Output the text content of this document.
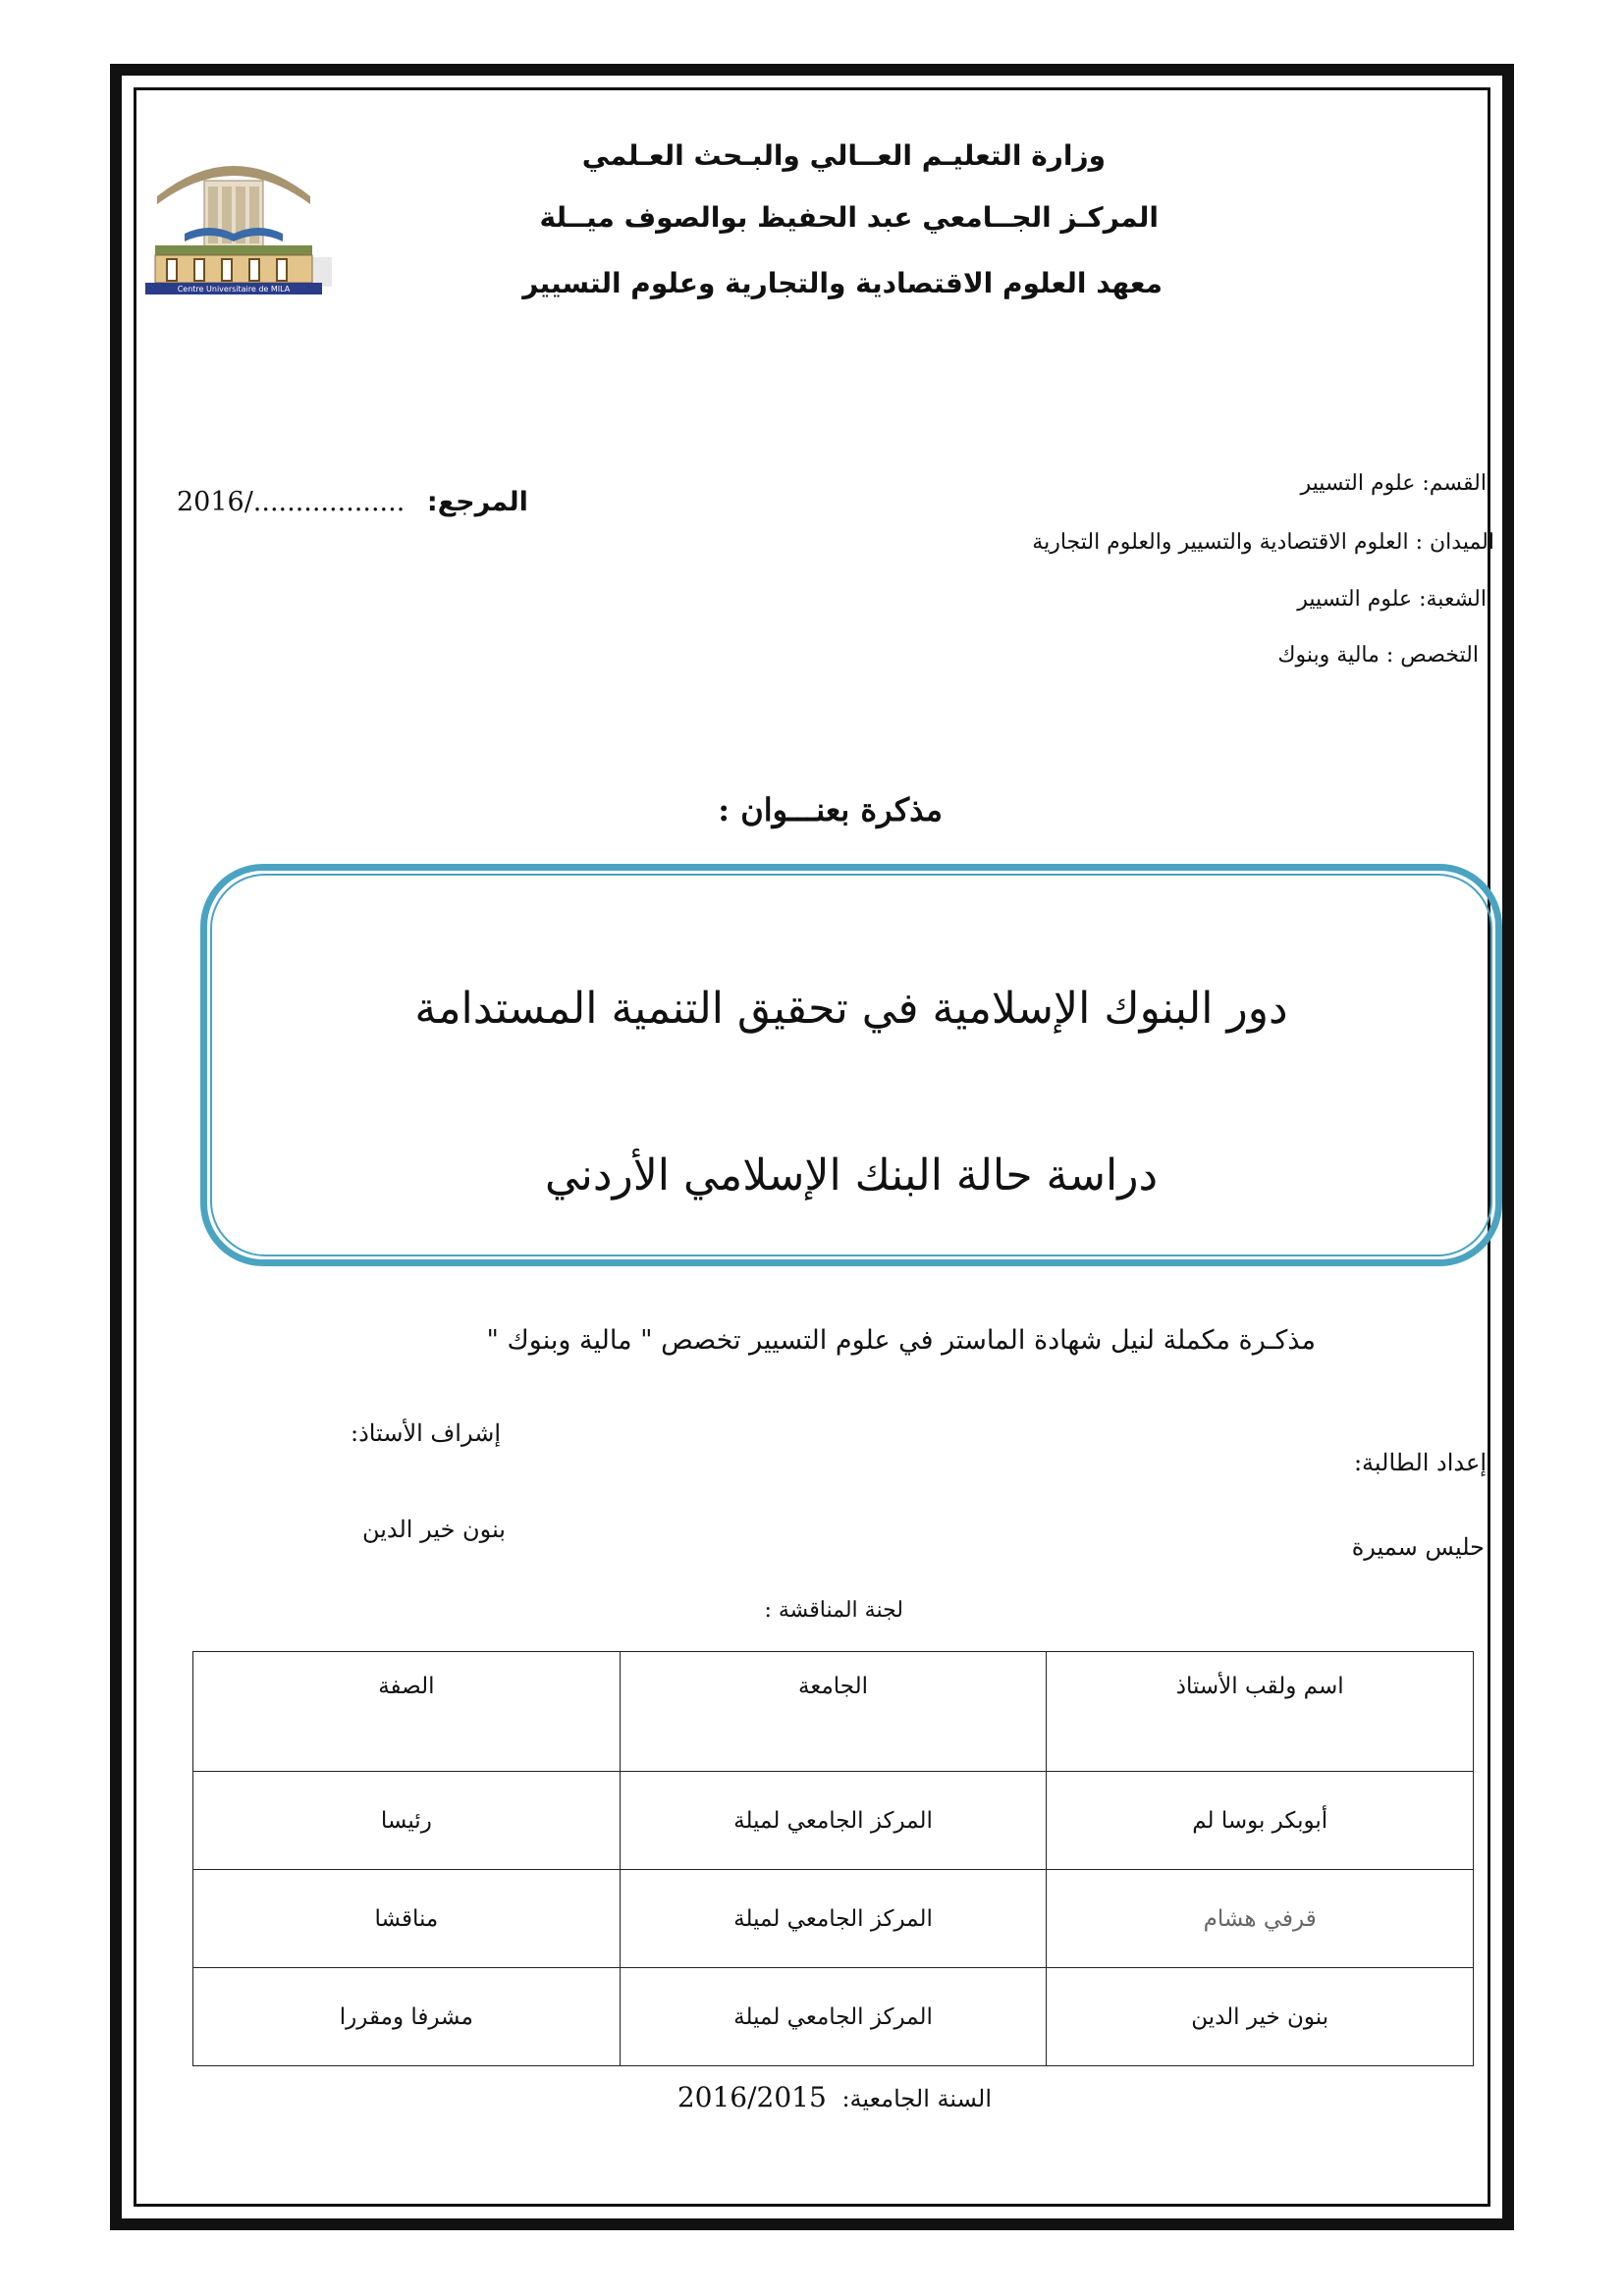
Centre Universitaire de MILA
وزارة التعليـم العــالي والبـحث العـلمي
المركـز الجــامعي عبد الحفيظ بوالصوف ميــلة
معهد العلوم الاقتصادية والتجارية وعلوم التسيير
المرجع: 2016/..................
القسم: علوم التسيير
الميدان : العلوم الاقتصادية والتسيير والعلوم التجارية
الشعبة: علوم التسيير
التخصص : مالية وبنوك
مذكرة بعنـــوان :
دور البنوك الإسلامية في تحقيق التنمية المستدامة
دراسة حالة البنك الإسلامي الأردني
مذكـرة مكملة لنيل شهادة الماستر في علوم التسيير تخصص " مالية وبنوك "
إشراف الأستاذ:
بنون خير الدين
إعداد الطالبة:
حليس سميرة
لجنة المناقشة :
اسم ولقب الأستاذ	الجامعة	الصفة
أبوبكر بوسا لم	المركز الجامعي لميلة	رئيسا
قرفي هشام	المركز الجامعي لميلة	مناقشا
بنون خير الدين	المركز الجامعي لميلة	مشرفا ومقررا
السنة الجامعية: 2016/2015
